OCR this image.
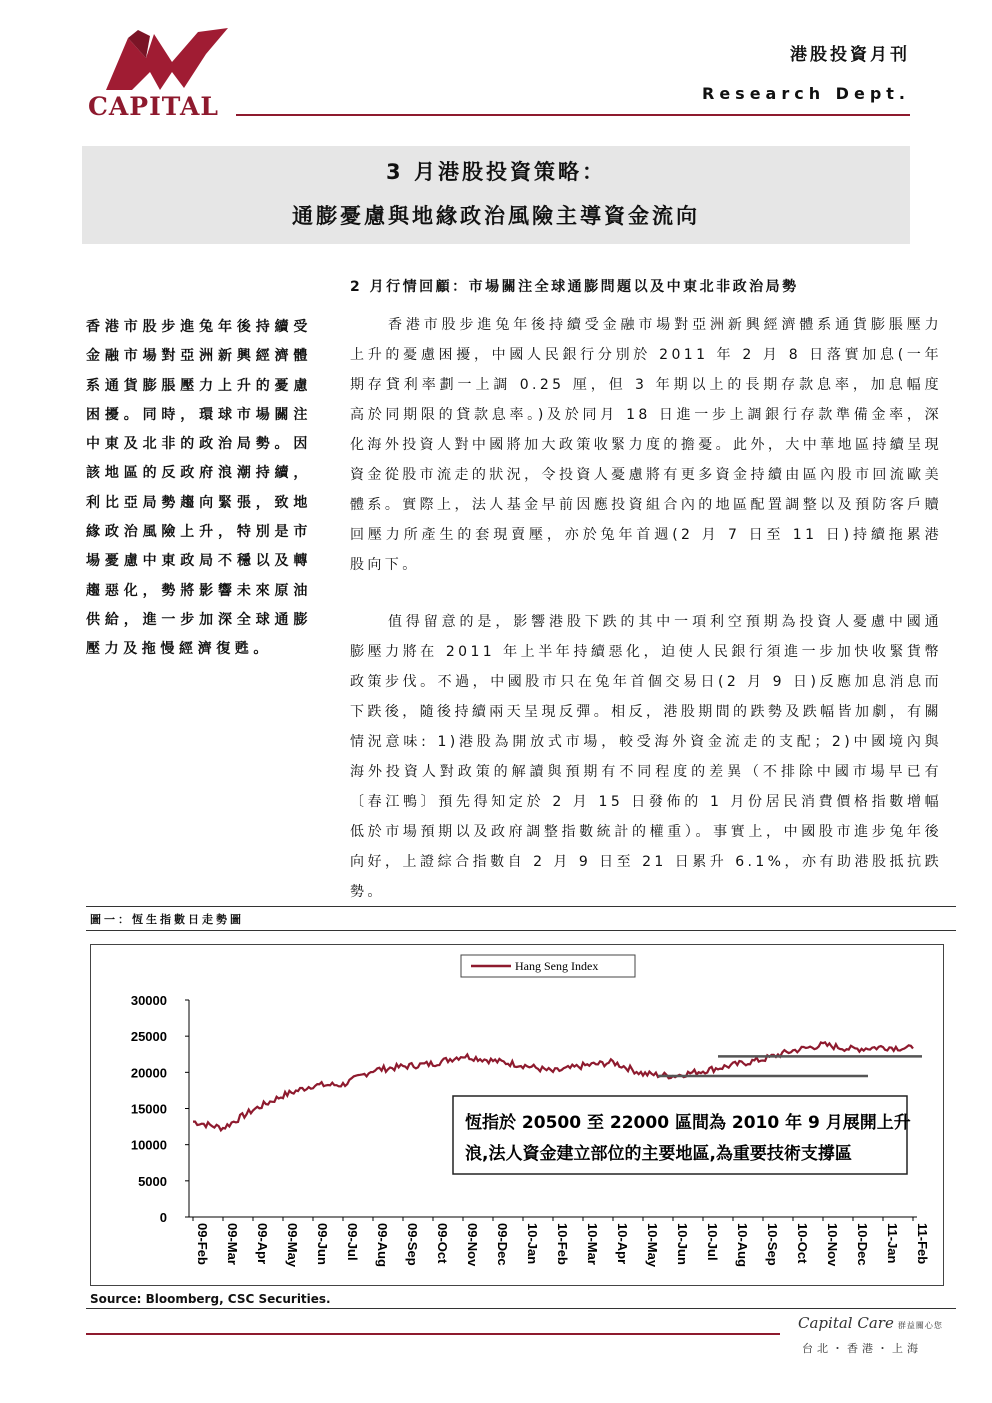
CAPITAL
港股投資月刊
Research Dept.
3 月港股投資策略：
通膨憂慮與地緣政治風險主導資金流向
2 月行情回顧：市場關注全球通膨問題以及中東北非政治局勢
香港市股步進兔年後持續受金融市場對亞洲新興經濟體系通貨膨脹壓力上升的憂慮困擾。同時，環球市場關注中東及北非的政治局勢。因該地區的反政府浪潮持續，利比亞局勢趨向緊張，致地緣政治風險上升，特別是市場憂慮中東政局不穩以及轉趨惡化，勢將影響未來原油供給，進一步加深全球通膨壓力及拖慢經濟復甦。
香港市股步進兔年後持續受金融市場對亞洲新興經濟體系通貨膨脹壓力上升的憂慮困擾，中國人民銀行分別於 2011 年 2 月 8 日落實加息(一年期存貸利率劃一上調 0.25 厘，但 3 年期以上的長期存款息率，加息幅度高於同期限的貸款息率。)及於同月 18 日進一步上調銀行存款準備金率，深化海外投資人對中國將加大政策收緊力度的擔憂。此外，大中華地區持續呈現資金從股市流走的狀況，令投資人憂慮將有更多資金持續由區內股市回流歐美體系。實際上，法人基金早前因應投資組合內的地區配置調整以及預防客戶贖回壓力所產生的套現賣壓，亦於兔年首週(2 月 7 日至 11 日)持續拖累港股向下。
值得留意的是，影響港股下跌的其中一項利空預期為投資人憂慮中國通膨壓力將在 2011 年上半年持續惡化，迫使人民銀行須進一步加快收緊貨幣政策步伐。不過，中國股市只在兔年首個交易日(2 月 9 日)反應加息消息而下跌後，隨後持續兩天呈現反彈。相反，港股期間的跌勢及跌幅皆加劇，有關情況意味: 1)港股為開放式市場，較受海外資金流走的支配；2)中國境內與海外投資人對政策的解讀與預期有不同程度的差異（不排除中國市場早已有〔春江鴨〕預先得知定於 2 月 15 日發佈的 1 月份居民消費價格指數增幅低於市場預期以及政府調整指數統計的權重）。事實上，中國股市進步兔年後向好，上證綜合指數自 2 月 9 日至 21 日累升 6.1%，亦有助港股抵抗跌勢。
圖一：恆生指數日走勢圖
30000
25000
20000
15000
10000
5000
0
09-Feb 09-Mar 09-Apr 09-May 09-Jun 09-Jul 09-Aug 09-Sep 09-Oct 09-Nov 09-Dec 10-Jan 10-Feb 10-Mar 10-Apr 10-May 10-Jun 10-Jul 10-Aug 10-Sep 10-Oct 10-Nov 10-Dec 11-Jan 11-Feb
Hang Seng Index
恆指於 20500 至 22000 區間為 2010 年 9 月展開上升
浪,法人資金建立部位的主要地區,為重要技術支撐區
Source: Bloomberg, CSC Securities.
Capital Care 群益關心您
台北・香港・上海
